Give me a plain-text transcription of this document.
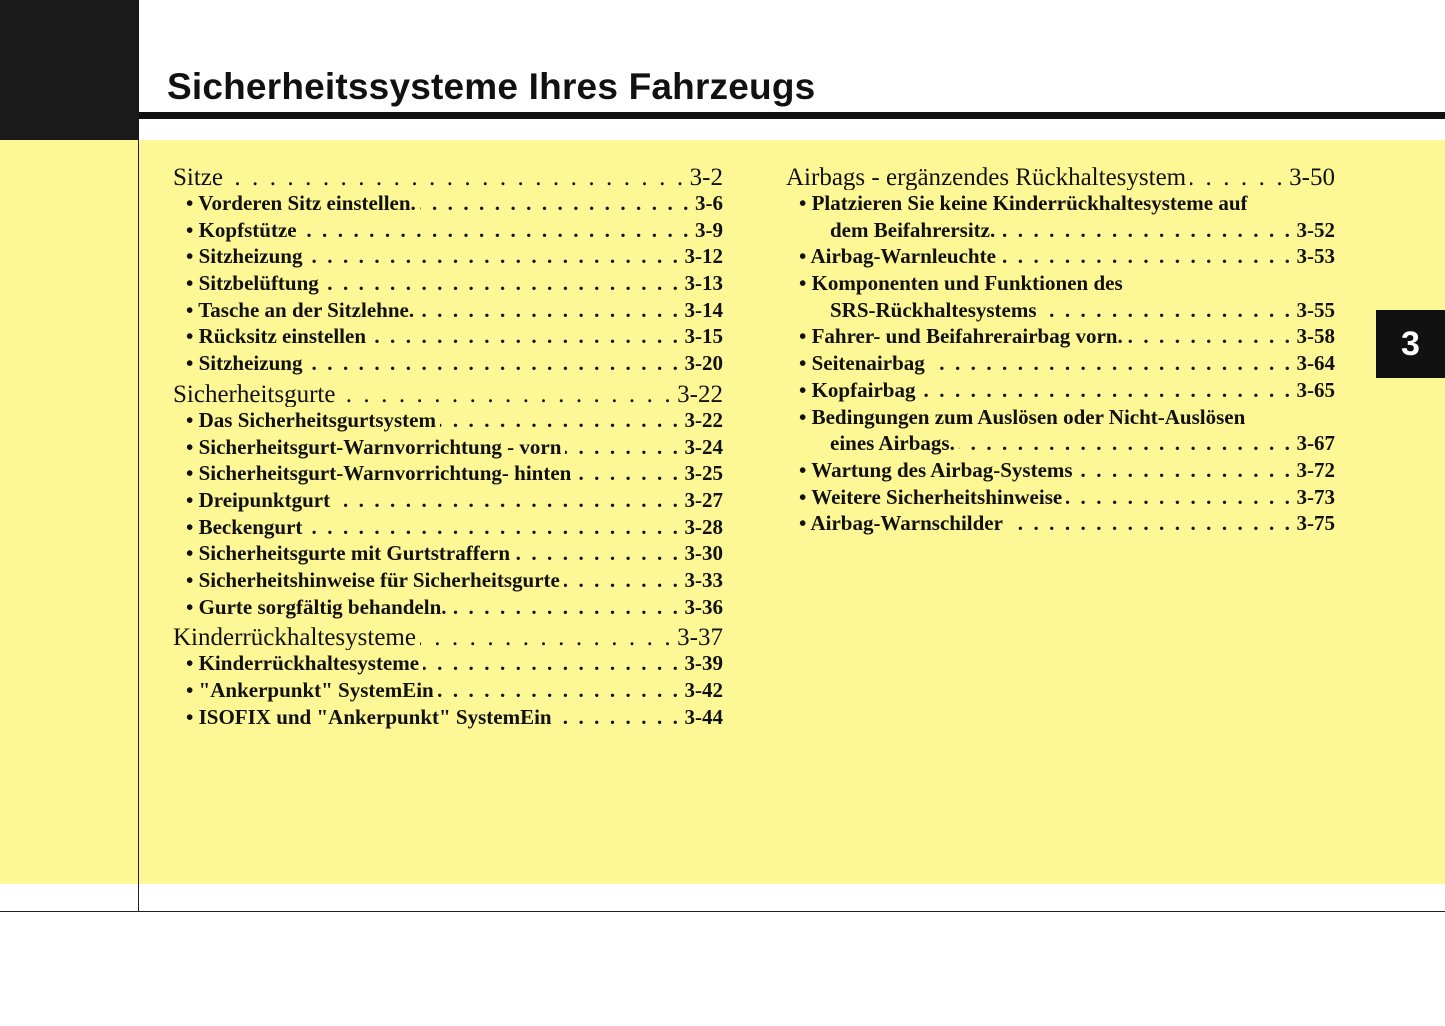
Sicherheitssysteme Ihres Fahrzeugs
3
Sitze . . .	3-2
• Vorderen Sitz einstellen. . . .	3-6
• Kopfstütze . . .	3-9
• Sitzheizung . . .	3-12
• Sitzbelüftung . . .	3-13
• Tasche an der Sitzlehne. . . .	3-14
• Rücksitz einstellen . . .	3-15
• Sitzheizung . . .	3-20
Sicherheitsgurte . . .	3-22
• Das Sicherheitsgurtsystem . . .	3-22
• Sicherheitsgurt-Warnvorrichtung - vorn . . .	3-24
• Sicherheitsgurt-Warnvorrichtung- hinten . . .	3-25
• Dreipunktgurt . . .	3-27
• Beckengurt . . .	3-28
• Sicherheitsgurte mit Gurtstraffern . . .	3-30
• Sicherheitshinweise für Sicherheitsgurte . . .	3-33
• Gurte sorgfältig behandeln. . . .	3-36
Kinderrückhaltesysteme . . .	3-37
• Kinderrückhaltesysteme . . .	3-39
• "Ankerpunkt" SystemEin . . .	3-42
• ISOFIX und "Ankerpunkt" SystemEin . . .	3-44
Airbags - ergänzendes Rückhaltesystem . . .	3-50
• Platzieren Sie keine Kinderrückhaltesysteme auf
dem Beifahrersitz. . . .	3-52
• Airbag-Warnleuchte . . .	3-53
• Komponenten und Funktionen des
SRS-Rückhaltesystems . . .	3-55
• Fahrer- und Beifahrerairbag vorn. . . .	3-58
• Seitenairbag . . .	3-64
• Kopfairbag . . .	3-65
• Bedingungen zum Auslösen oder Nicht-Auslösen
eines Airbags. . . .	3-67
• Wartung des Airbag-Systems . . .	3-72
• Weitere Sicherheitshinweise . . .	3-73
• Airbag-Warnschilder . . .	3-75
